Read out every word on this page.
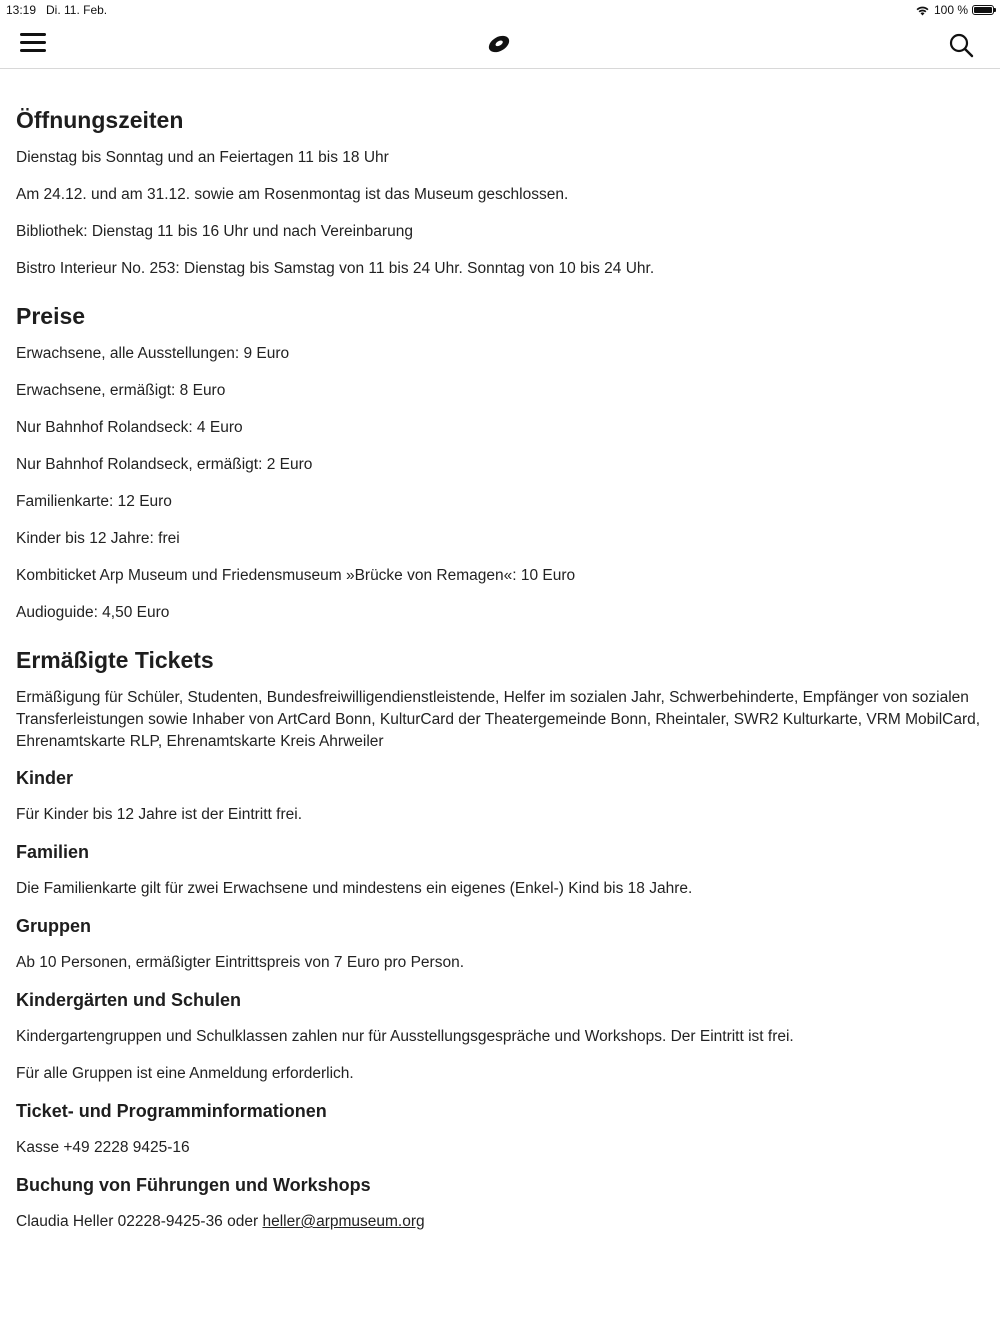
13:19 Di. 11. Feb.	100 %
Öffnungszeiten

Dienstag bis Sonntag und an Feiertagen 11 bis 18 Uhr

Am 24.12. und am 31.12. sowie am Rosenmontag ist das Museum geschlossen.

Bibliothek: Dienstag 11 bis 16 Uhr und nach Vereinbarung

Bistro Interieur No. 253: Dienstag bis Samstag von 11 bis 24 Uhr. Sonntag von 10 bis 24 Uhr.

Preise

Erwachsene, alle Ausstellungen: 9 Euro

Erwachsene, ermäßigt: 8 Euro

Nur Bahnhof Rolandseck: 4 Euro

Nur Bahnhof Rolandseck, ermäßigt: 2 Euro

Familienkarte: 12 Euro

Kinder bis 12 Jahre: frei

Kombiticket Arp Museum und Friedensmuseum »Brücke von Remagen«: 10 Euro

Audioguide: 4,50 Euro

Ermäßigte Tickets

Ermäßigung für Schüler, Studenten, Bundesfreiwilligendienstleistende, Helfer im sozialen Jahr, Schwerbehinderte, Empfänger von sozialen Transferleistungen sowie Inhaber von ArtCard Bonn, KulturCard der Theatergemeinde Bonn, Rheintaler, SWR2 Kulturkarte, VRM MobilCard, Ehrenamtskarte RLP, Ehrenamtskarte Kreis Ahrweiler

Kinder

Für Kinder bis 12 Jahre ist der Eintritt frei.

Familien

Die Familienkarte gilt für zwei Erwachsene und mindestens ein eigenes (Enkel-) Kind bis 18 Jahre.

Gruppen

Ab 10 Personen, ermäßigter Eintrittspreis von 7 Euro pro Person.

Kindergärten und Schulen

Kindergartengruppen und Schulklassen zahlen nur für Ausstellungsgespräche und Workshops. Der Eintritt ist frei.

Für alle Gruppen ist eine Anmeldung erforderlich.

Ticket- und Programminformationen

Kasse +49 2228 9425-16

Buchung von Führungen und Workshops

Claudia Heller 02228-9425-36 oder heller@arpmuseum.org
